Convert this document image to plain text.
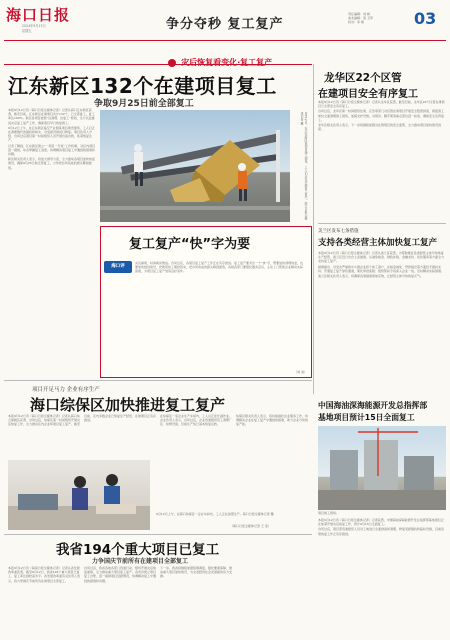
海口日报
2024年9月13日
星期五	争分夺秒 复工复产
责任编辑：刘 畅
美术编辑：蔡 卫军
校对：李 敏	03
灾后恢复看变化·复工复产
江东新区132个在建项目复工
争取9月25日前全部复工

本报9月12日讯（海口日报全媒体记者）记者从海口江东新区获悉，截至目前，江东新区在建项目共计132个，已全部复工，复工率达100%。新区各项目按照“边清理、边复工”原则，全力以赴推进灾后复工复产工作，确保项目早日恢复施工。

9月12日上午，在江东新区临空产业园某项目建设现场，工人们正在清理倒伏的围挡和树木，对受损设施进行修复。项目负责人介绍，台风过后项目第一时间组织人员开展自查自救，抓紧恢复生产。

记者了解到，江东新区建立“一项目一专班”工作机制，对区内项目逐一摸排，动态掌握复工进度，协调解决项目复工中遇到的困难和问题。

新区相关负责人表示，将加大督导力度，全力推动各项目加快恢复建设，确保9月25日前全部复工，力争把台风造成的损失降到最低。	9月12日，在江东新区某项目施工现场，工人们正在开展复工复产。海口日报全媒体记者 摄
复工复产“快”字为要
海口评
灾后重建，时间就是效益。台风过后，各项目复工复产工作正在有序推进。复工复产要突出一个“快”字，既要加快清理恢复，也要加快推进建设，把耽误的工期抢回来，把台风造成的损失降到最低。各级各部门要强化服务意识，主动上门帮助企业解决实际困难，为项目复工复产创造良好条件。
（刘 旭）
龙华区22个区管
在建项目安全有序复工

本报9月12日讯（海口日报全媒体记者）记者从龙华区获悉，截至目前，龙华区22个区管在建项目已全部安全有序复工。

台风过后，龙华区第一时间组织住建、应急等部门对区管在建项目开展安全隐患排查，督促施工单位全面清理施工现场，加固支护设施，对塔吊、脚手架等重点部位逐一检查，确保安全后再复工。

龙华区相关负责人表示，下一步将继续加强对在建项目的安全监管，全力推动项目加快建设进度。

美兰区发布七条措施
支持各类经营主体加快复工复产

本报9月12日讯（海口日报全媒体记者）记者从美兰区获悉，为帮助辖区各类经营主体尽快恢复生产经营，美兰区近日出台七条措施，从减免租金、财政补贴、金融支持、优化服务等方面全力支持复工复产。

措施提出，对受灾严重的中小微企业和个体工商户，在租金减免、贷款贴息等方面给予倾斜支持；开通复工复产绿色通道，简化审批流程；组织帮扶专班深入企业一线，及时解决实际困难。

美兰区相关负责人表示，将确保各项措施落地见效，让经营主体尽快恢复元气。

中国海油深海能源开发总指挥部
基地项目预计15日全面复工
项目施工现场。

本报9月12日讯（海口日报全媒体记者）记者获悉，中国海油深海能源开发总指挥部基地项目正在加紧开展灾后恢复工作，预计9月15日全面复工。

台风过后，项目部迅速组织人员对工地进行全面排查和清理，修复受损围挡和临时设施，目前各项恢复工作正有序推进。

项目开足马力 企业有序生产
海口综保区加快推进复工复产

本报9月12日讯（海口日报全媒体记者）记者从海口综合保税区获悉，台风过后，综保区第一时间组织开展灾后恢复工作，全力推动区内企业和项目复工复产。截至目前，区内多数企业已恢复生产经营，在建项目正有序推进。

在综保区一家企业生产车间内，工人们正在忙碌作业。企业负责人表示，台风过后，企业迅速组织员工清理厂区、检修设备，目前生产线已基本恢复运转。

综保区相关负责人表示，将持续做好企业服务工作，协调解决企业在复工复产中遇到的困难，助力企业尽快恢复产能。

9月12日上午，在海口综保区一企业车间内，工人正在加紧生产。海口日报全媒体记者 摄
（海口日报全媒体记者 王 莹）
我省194个重大项目已复工
力争国庆节前所有在建项目全部复工

本报9月12日讯（海南日报全媒体记者）记者从省发展改革委获悉，截至9月12日，我省194个重大项目已复工，复工率达到较高水平。省发展改革委有关负责人表示，将力争国庆节前所有在建项目全部复工。

台风过后，我省各地各部门迅速行动，组织开展灾后恢复重建，全力推动重大项目复工复产。各市县建立项目复工台账，逐一摸排项目受损情况，协调解决复工中遇到的困难和问题。

下一步，我省将继续加强统筹调度，强化要素保障，推动重大项目加快建设，为全省经济社会发展提供有力支撑。
